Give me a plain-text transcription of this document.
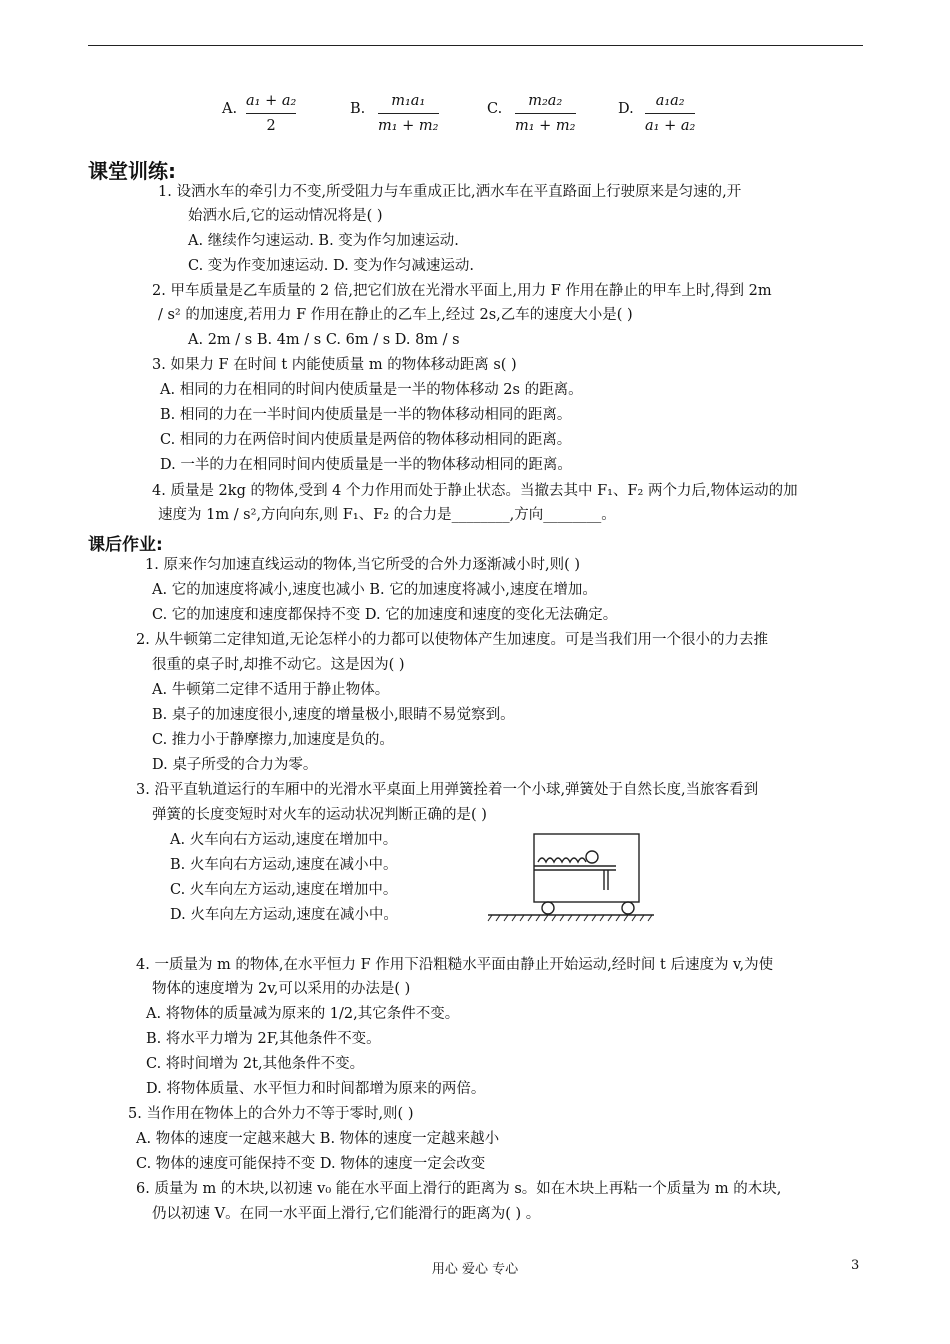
A. a₁ + a₂
2
B. m₁a₁
m₁ + m₂
C. m₂a₂
m₁ + m₂
D. a₁a₂
a₁ + a₂
课堂训练:
1. 设洒水车的牵引力不变,所受阻力与车重成正比,洒水车在平直路面上行驶原来是匀速的,开
始洒水后,它的运动情况将是( )
A. 继续作匀速运动. B. 变为作匀加速运动.
C. 变为作变加速运动. D. 变为作匀减速运动.
2. 甲车质量是乙车质量的 2 倍,把它们放在光滑水平面上,用力 F 作用在静止的甲车上时,得到 2m
/ s² 的加速度,若用力 F 作用在静止的乙车上,经过 2s,乙车的速度大小是( )
A. 2m / s B. 4m / s C. 6m / s D. 8m / s
3. 如果力 F 在时间 t 内能使质量 m 的物体移动距离 s( )
A. 相同的力在相同的时间内使质量是一半的物体移动 2s 的距离。
B. 相同的力在一半时间内使质量是一半的物体移动相同的距离。
C. 相同的力在两倍时间内使质量是两倍的物体移动相同的距离。
D. 一半的力在相同时间内使质量是一半的物体移动相同的距离。
4. 质量是 2kg 的物体,受到 4 个力作用而处于静止状态。当撤去其中 F₁、F₂ 两个力后,物体运动的加
速度为 1m / s²,方向向东,则 F₁、F₂ 的合力是________,方向________。
课后作业:
1. 原来作匀加速直线运动的物体,当它所受的合外力逐渐减小时,则( )
A. 它的加速度将减小,速度也减小 B. 它的加速度将减小,速度在增加。
C. 它的加速度和速度都保持不变 D. 它的加速度和速度的变化无法确定。
2. 从牛顿第二定律知道,无论怎样小的力都可以使物体产生加速度。可是当我们用一个很小的力去推
很重的桌子时,却推不动它。这是因为( )
A. 牛顿第二定律不适用于静止物体。
B. 桌子的加速度很小,速度的增量极小,眼睛不易觉察到。
C. 推力小于静摩擦力,加速度是负的。
D. 桌子所受的合力为零。
3. 沿平直轨道运行的车厢中的光滑水平桌面上用弹簧拴着一个小球,弹簧处于自然长度,当旅客看到
弹簧的长度变短时对火车的运动状况判断正确的是( )
A. 火车向右方运动,速度在增加中。
B. 火车向右方运动,速度在减小中。
C. 火车向左方运动,速度在增加中。
D. 火车向左方运动,速度在减小中。
4. 一质量为 m 的物体,在水平恒力 F 作用下沿粗糙水平面由静止开始运动,经时间 t 后速度为 v,为使
物体的速度增为 2v,可以采用的办法是( )
A. 将物体的质量减为原来的 1/2,其它条件不变。
B. 将水平力增为 2F,其他条件不变。
C. 将时间增为 2t,其他条件不变。
D. 将物体质量、水平恒力和时间都增为原来的两倍。
5. 当作用在物体上的合外力不等于零时,则( )
A. 物体的速度一定越来越大 B. 物体的速度一定越来越小
C. 物体的速度可能保持不变 D. 物体的速度一定会改变
6. 质量为 m 的木块,以初速 v₀ 能在水平面上滑行的距离为 s。如在木块上再粘一个质量为 m 的木块,
仍以初速 V。在同一水平面上滑行,它们能滑行的距离为( ) 。
用心 爱心 专心	3
